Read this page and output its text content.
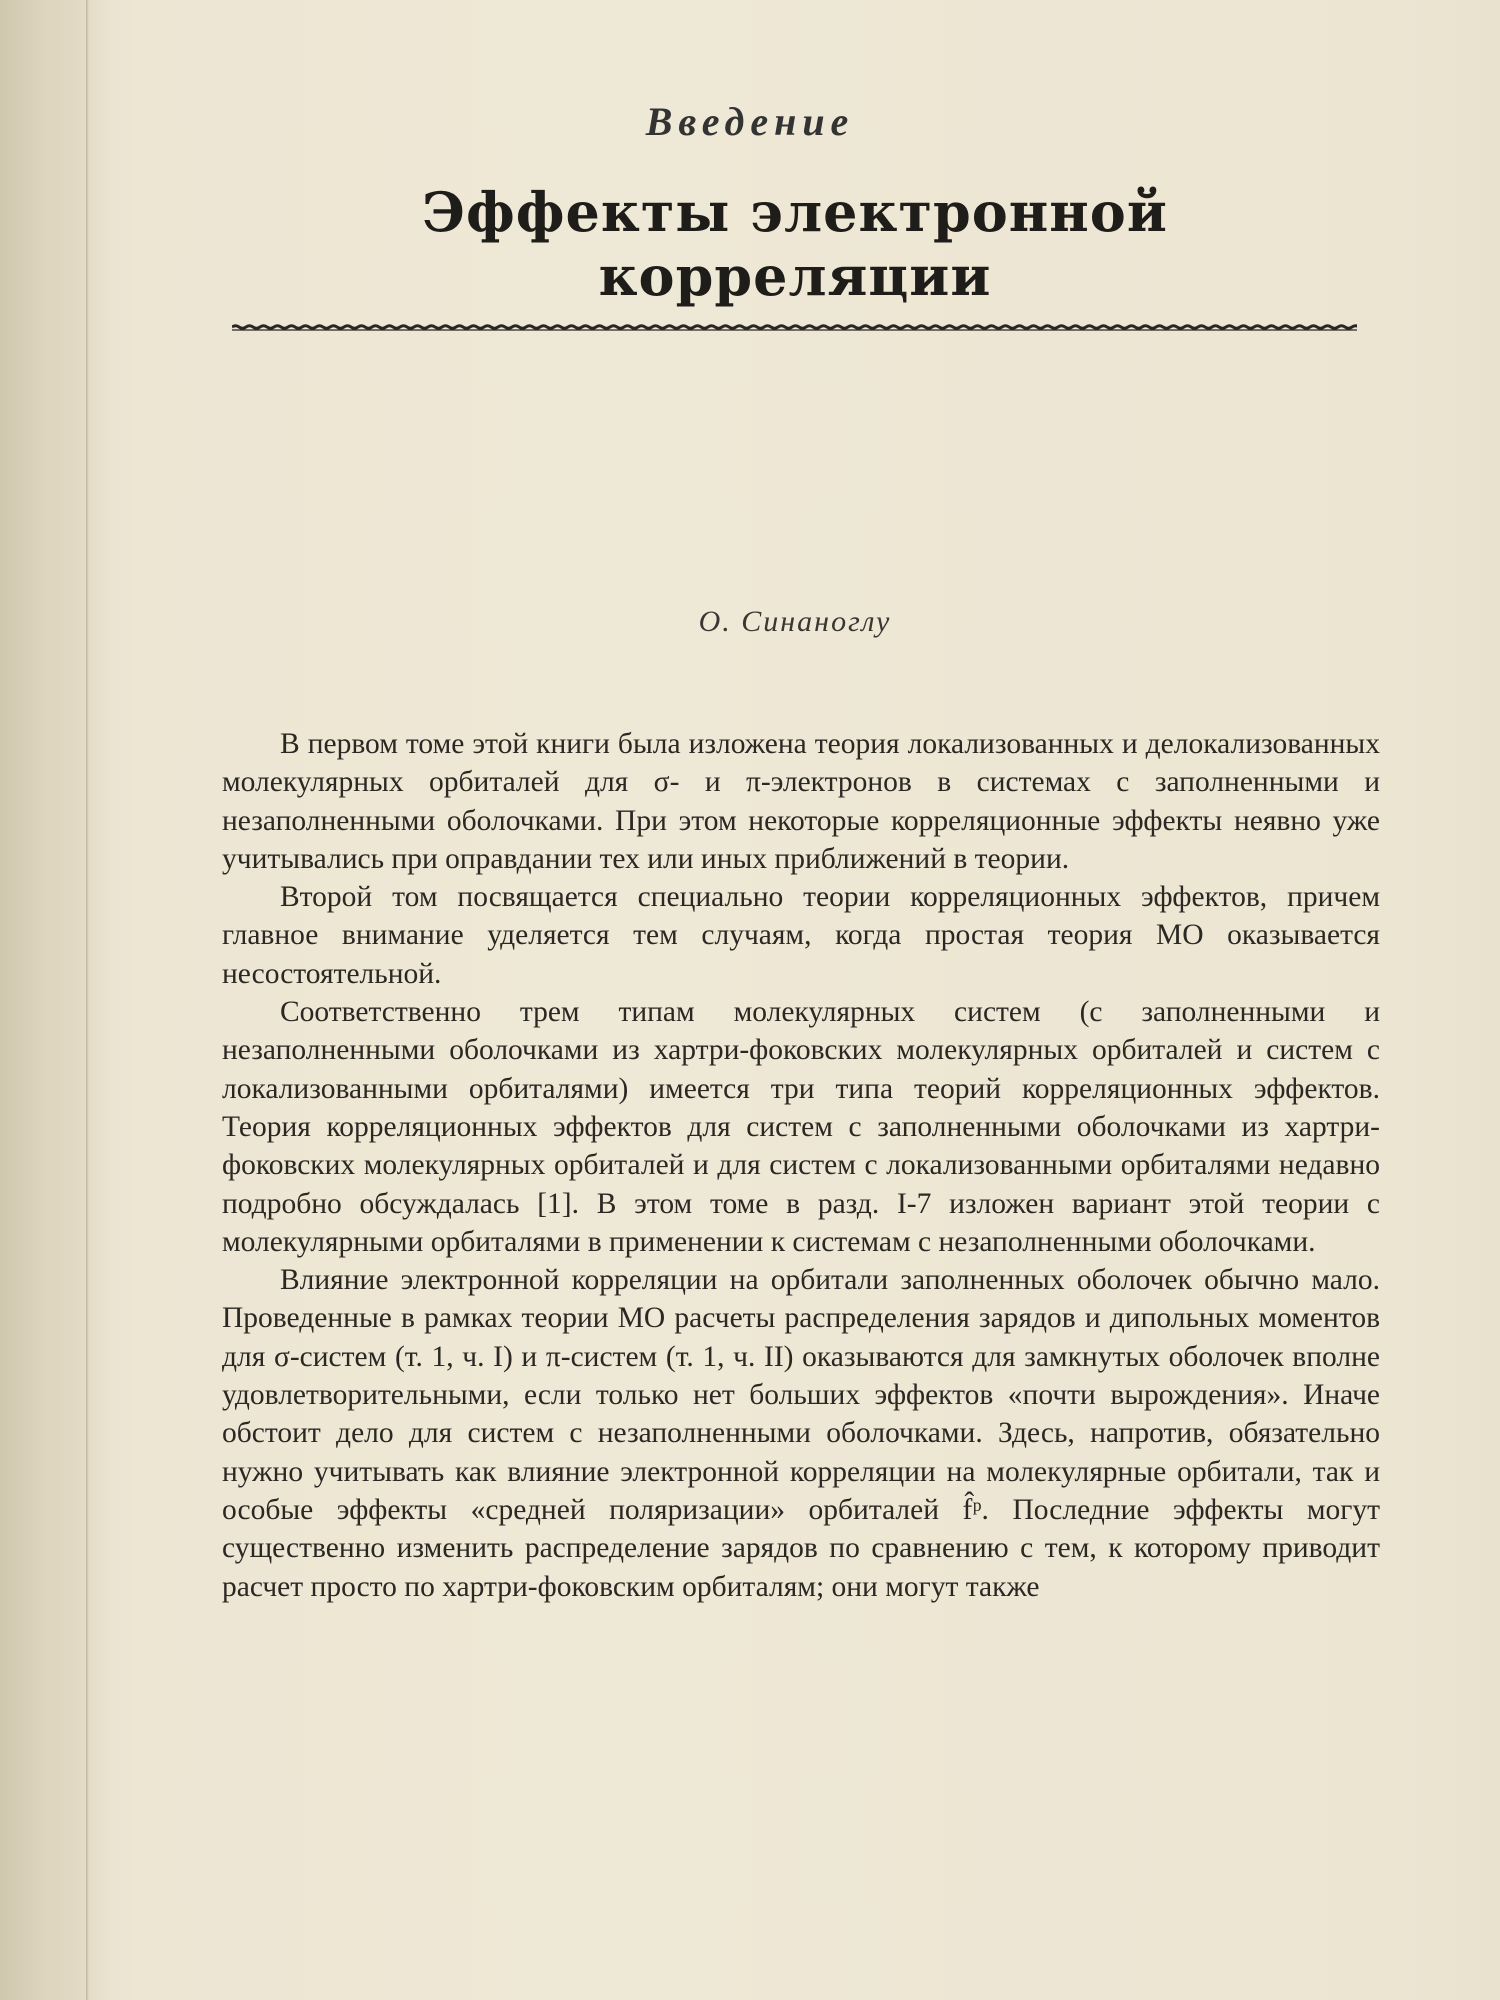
Введение
Эффекты электронной
корреляции
О. Синаноглу

В первом томе этой книги была изложена теория локализованных и делокализованных молекулярных орбиталей для σ- и π-электронов в системах с заполненными и незаполненными оболочками. При этом некоторые корреляционные эффекты неявно уже учитывались при оправдании тех или иных приближений в теории.

Второй том посвящается специально теории корреляционных эффектов, причем главное внимание уделяется тем случаям, когда простая теория МО оказывается несостоятельной.

Соответственно трем типам молекулярных систем (с заполненными и незаполненными оболочками из хартри-фоковских молекулярных орбиталей и систем с локализованными орбиталями) имеется три типа теорий корреляционных эффектов. Теория корреляционных эффектов для систем с заполненными оболочками из хартри-фоковских молекулярных орбиталей и для систем с локализованными орбиталями недавно подробно обсуждалась [1]. В этом томе в разд. I-7 изложен вариант этой теории с молекулярными орбиталями в применении к системам с незаполненными оболочками.

Влияние электронной корреляции на орбитали заполненных оболочек обычно мало. Проведенные в рамках теории МО расчеты распределения зарядов и дипольных моментов для σ-систем (т. 1, ч. I) и π-систем (т. 1, ч. II) оказываются для замкнутых оболочек вполне удовлетворительными, если только нет больших эффектов «почти вырождения». Иначе обстоит дело для систем с незаполненными оболочками. Здесь, напротив, обязательно нужно учитывать как влияние электронной корреляции на молекулярные орбитали, так и особые эффекты «средней поляризации» орбиталей f̂ᵖ. Последние эффекты могут существенно изменить распределение зарядов по сравнению с тем, к которому приводит расчет просто по хартри-фоковским орбиталям; они могут также
